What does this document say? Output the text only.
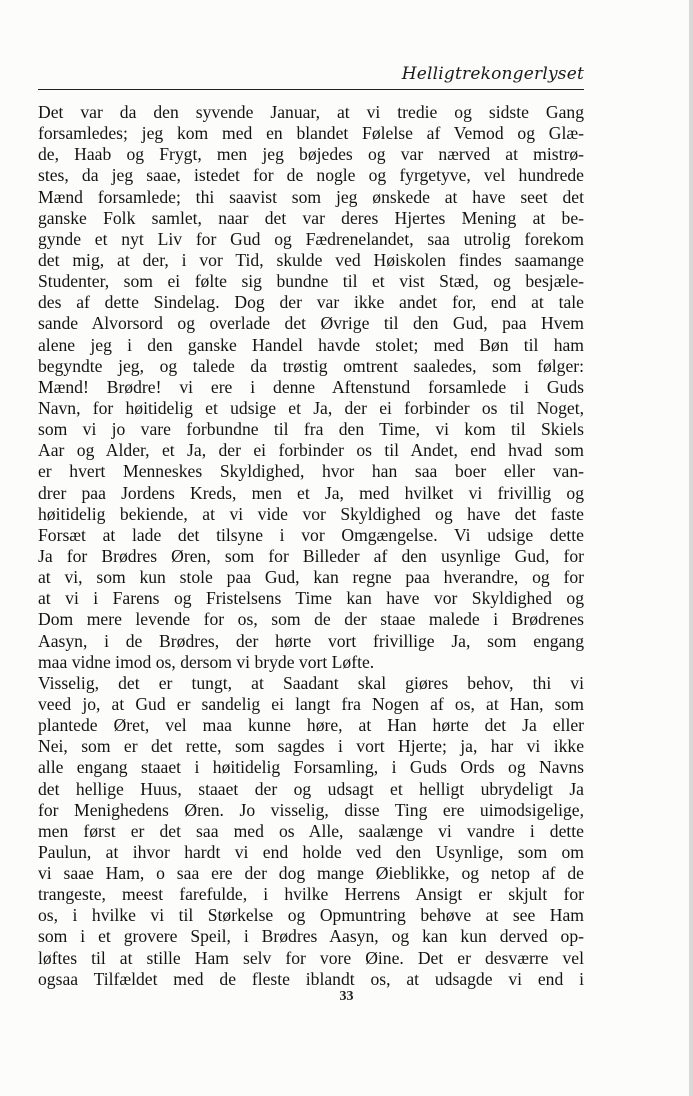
Helligtrekongerlyset
Det var da den syvende Januar, at vi tredie og sidste Gang
forsamledes; jeg kom med en blandet Følelse af Vemod og Glæ-
de, Haab og Frygt, men jeg bøjedes og var nærved at mistrø-
stes, da jeg saae, istedet for de nogle og fyrgetyve, vel hundrede
Mænd forsamlede; thi saavist som jeg ønskede at have seet det
ganske Folk samlet, naar det var deres Hjertes Mening at be-
gynde et nyt Liv for Gud og Fædrenelandet, saa utrolig forekom
det mig, at der, i vor Tid, skulde ved Høiskolen findes saamange
Studenter, som ei følte sig bundne til et vist Stæd, og besjæle-
des af dette Sindelag. Dog der var ikke andet for, end at tale
sande Alvorsord og overlade det Øvrige til den Gud, paa Hvem
alene jeg i den ganske Handel havde stolet; med Bøn til ham
begyndte jeg, og talede da trøstig omtrent saaledes, som følger:
Mænd! Brødre! vi ere i denne Aftenstund forsamlede i Guds
Navn, for høitidelig et udsige et Ja, der ei forbinder os til Noget,
som vi jo vare forbundne til fra den Time, vi kom til Skiels
Aar og Alder, et Ja, der ei forbinder os til Andet, end hvad som
er hvert Menneskes Skyldighed, hvor han saa boer eller van-
drer paa Jordens Kreds, men et Ja, med hvilket vi frivillig og
høitidelig bekiende, at vi vide vor Skyldighed og have det faste
Forsæt at lade det tilsyne i vor Omgængelse. Vi udsige dette
Ja for Brødres Øren, som for Billeder af den usynlige Gud, for
at vi, som kun stole paa Gud, kan regne paa hverandre, og for
at vi i Farens og Fristelsens Time kan have vor Skyldighed og
Dom mere levende for os, som de der staae malede i Brødrenes
Aasyn, i de Brødres, der hørte vort frivillige Ja, som engang
maa vidne imod os, dersom vi bryde vort Løfte.
Visselig, det er tungt, at Saadant skal giøres behov, thi vi
veed jo, at Gud er sandelig ei langt fra Nogen af os, at Han, som
plantede Øret, vel maa kunne høre, at Han hørte det Ja eller
Nei, som er det rette, som sagdes i vort Hjerte; ja, har vi ikke
alle engang staaet i høitidelig Forsamling, i Guds Ords og Navns
det hellige Huus, staaet der og udsagt et helligt ubrydeligt Ja
for Menighedens Øren. Jo visselig, disse Ting ere uimodsigelige,
men først er det saa med os Alle, saalænge vi vandre i dette
Paulun, at ihvor hardt vi end holde ved den Usynlige, som om
vi saae Ham, o saa ere der dog mange Øieblikke, og netop af de
trangeste, meest farefulde, i hvilke Herrens Ansigt er skjult for
os, i hvilke vi til Størkelse og Opmuntring behøve at see Ham
som i et grovere Speil, i Brødres Aasyn, og kan kun derved op-
løftes til at stille Ham selv for vore Øine. Det er desværre vel
ogsaa Tilfældet med de fleste iblandt os, at udsagde vi end i
33
